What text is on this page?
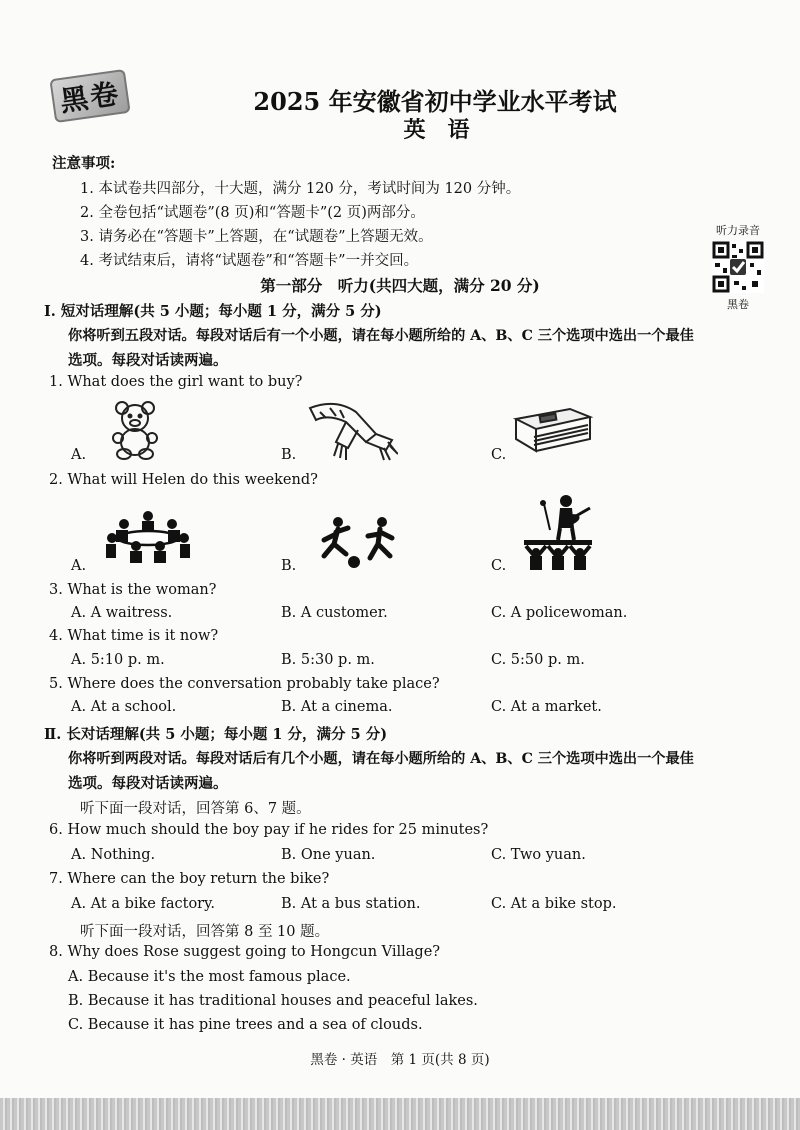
黑卷	2025 年安徽省初中学业水平考试
英语
注意事项:
1. 本试卷共四部分，十大题，满分 120 分，考试时间为 120 分钟。
2. 全卷包括“试题卷”(8 页)和“答题卡”(2 页)两部分。
3. 请务必在“答题卡”上答题，在“试题卷”上答题无效。
4. 考试结束后，请将“试题卷”和“答题卡”一并交回。
听力录音
黑卷
第一部分　听力(共四大题，满分 20 分)
Ⅰ. 短对话理解(共 5 小题；每小题 1 分，满分 5 分)
你将听到五段对话。每段对话后有一个小题，请在每小题所给的 A、B、C 三个选项中选出一个最佳
选项。每段对话读两遍。
1. What does the girl want to buy?
A.	B.	C.
2. What will Helen do this weekend?
A.	B.	C.
3. What is the woman?
A. A waitress.	B. A customer.	C. A policewoman.
4. What time is it now?
A. 5:10 p. m.	B. 5:30 p. m.	C. 5:50 p. m.
5. Where does the conversation probably take place?
A. At a school.	B. At a cinema.	C. At a market.
Ⅱ. 长对话理解(共 5 小题；每小题 1 分，满分 5 分)
你将听到两段对话。每段对话后有几个小题，请在每小题所给的 A、B、C 三个选项中选出一个最佳
选项。每段对话读两遍。
听下面一段对话，回答第 6、7 题。
6. How much should the boy pay if he rides for 25 minutes?
A. Nothing.	B. One yuan.	C. Two yuan.
7. Where can the boy return the bike?
A. At a bike factory.	B. At a bus station.	C. At a bike stop.
听下面一段对话，回答第 8 至 10 题。
8. Why does Rose suggest going to Hongcun Village?
A. Because it's the most famous place.
B. Because it has traditional houses and peaceful lakes.
C. Because it has pine trees and a sea of clouds.
黑卷 · 英语　第 1 页(共 8 页)
